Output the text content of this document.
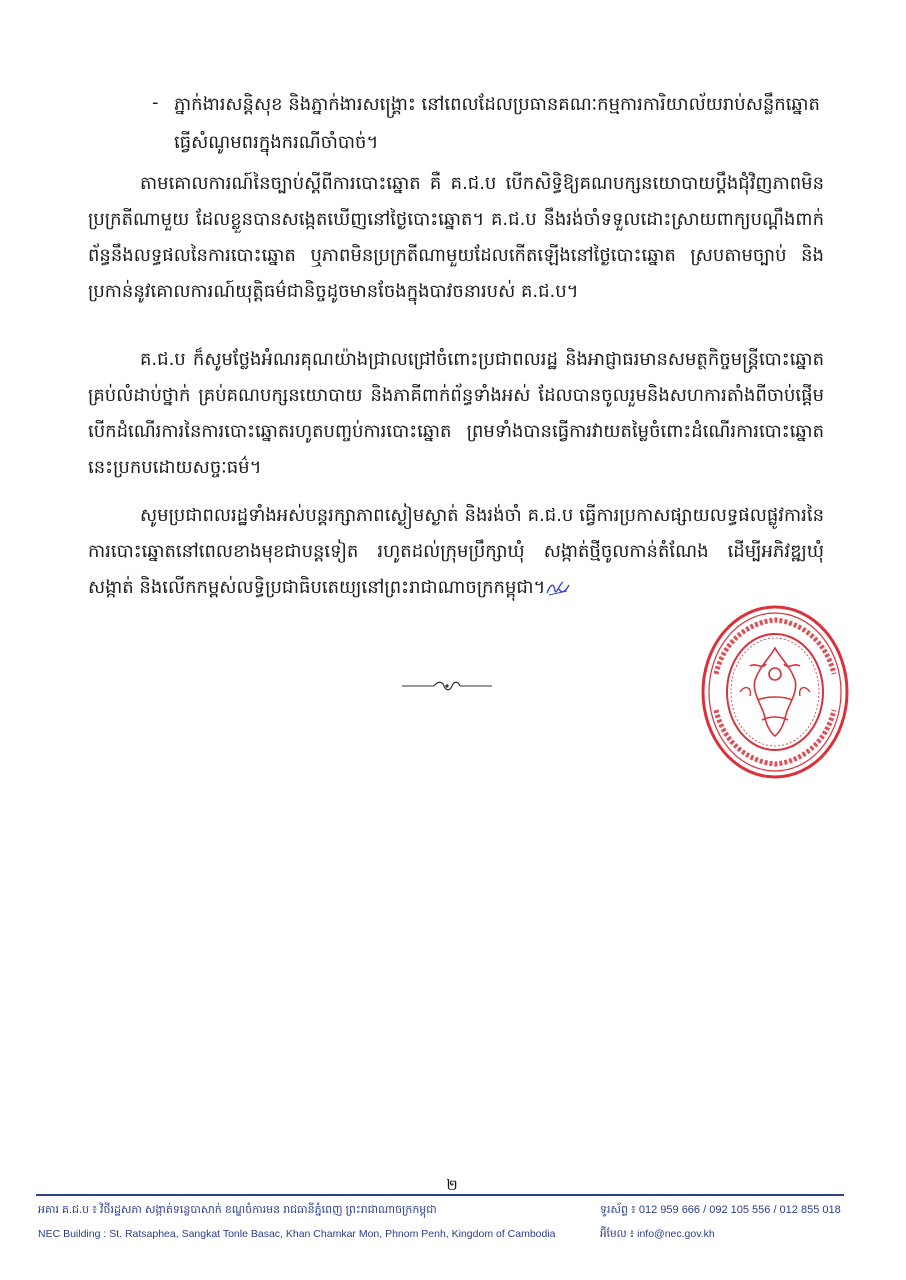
- ភ្នាក់ងារសន្តិសុខ និងភ្នាក់ងារសង្គ្រោះ នៅពេលដែលប្រធានគណៈកម្មការការិយាល័យរាប់សន្លឹកឆ្នោត ធ្វើសំណូមពរក្នុងករណីចាំបាច់។
តាមគោលការណ៍នៃច្បាប់ស្តីពីការបោះឆ្នោត គឺ គ.ជ.ប បើកសិទ្ធិឱ្យគណបក្សនយោបាយប្តឹងជុំវិញភាពមិនប្រក្រតីណាមួយ ដែលខ្លួនបានសង្កេតឃើញនៅថ្ងៃបោះឆ្នោត។ គ.ជ.ប នឹងរង់ចាំទទួលដោះស្រាយពាក្យបណ្តឹងពាក់ព័ន្ធនឹងលទ្ធផលនៃការបោះឆ្នោត ឬភាពមិនប្រក្រតីណាមួយដែលកើតឡើងនៅថ្ងៃបោះឆ្នោត ស្របតាមច្បាប់ និងប្រកាន់នូវគោលការណ៍យុត្តិធម៌ជានិច្ចដូចមានចែងក្នុងបាវចនារបស់ គ.ជ.ប។
គ.ជ.ប ក៏សូមថ្លែងអំណរគុណយ៉ាងជ្រាលជ្រៅចំពោះប្រជាពលរដ្ឋ និងអាជ្ញាធរមានសមត្ថកិច្ចមន្ត្រីបោះឆ្នោតគ្រប់លំដាប់ថ្នាក់ គ្រប់គណបក្សនយោបាយ និងភាគីពាក់ព័ន្ធទាំងអស់ ដែលបានចូលរួមនិងសហការតាំងពីចាប់ផ្តើមបើកដំណើរការនៃការបោះឆ្នោតរហូតបញ្ចប់ការបោះឆ្នោត ព្រមទាំងបានធ្វើការវាយតម្លៃចំពោះដំណើរការបោះឆ្នោតនេះប្រកបដោយសច្ចៈធម៌។
សូមប្រជាពលរដ្ឋទាំងអស់បន្តរក្សាភាពស្ងៀមស្ងាត់ និងរង់ចាំ គ.ជ.ប ធ្វើការប្រកាសផ្សាយលទ្ធផលផ្លូវការនៃការបោះឆ្នោតនៅពេលខាងមុខជាបន្តទៀត រហូតដល់ក្រុមប្រឹក្សាឃុំ សង្កាត់ថ្មីចូលកាន់តំណែង ដើម្បីអភិវឌ្ឍឃុំ សង្កាត់ និងលើកកម្ពស់លទ្ធិប្រជាធិបតេយ្យនៅព្រះរាជាណាចក្រកម្ពុជា។
២
អគារ គ.ជ.ប ៖ វិថីរដ្ឋសភា សង្កាត់ទន្លេបាសាក់ ខណ្ឌចំការមន រាជធានីភ្នំពេញ ព្រះរាជាណាចក្រកម្ពុជា
NEC Building : St. Ratsaphea, Sangkat Tonle Basac, Khan Chamkar Mon, Phnom Penh, Kingdom of Cambodia
ទូរស័ព្ទ ៖ 012 959 666 / 092 105 556 / 012 855 018
អ៊ីមែល ៖ info@nec.gov.kh
